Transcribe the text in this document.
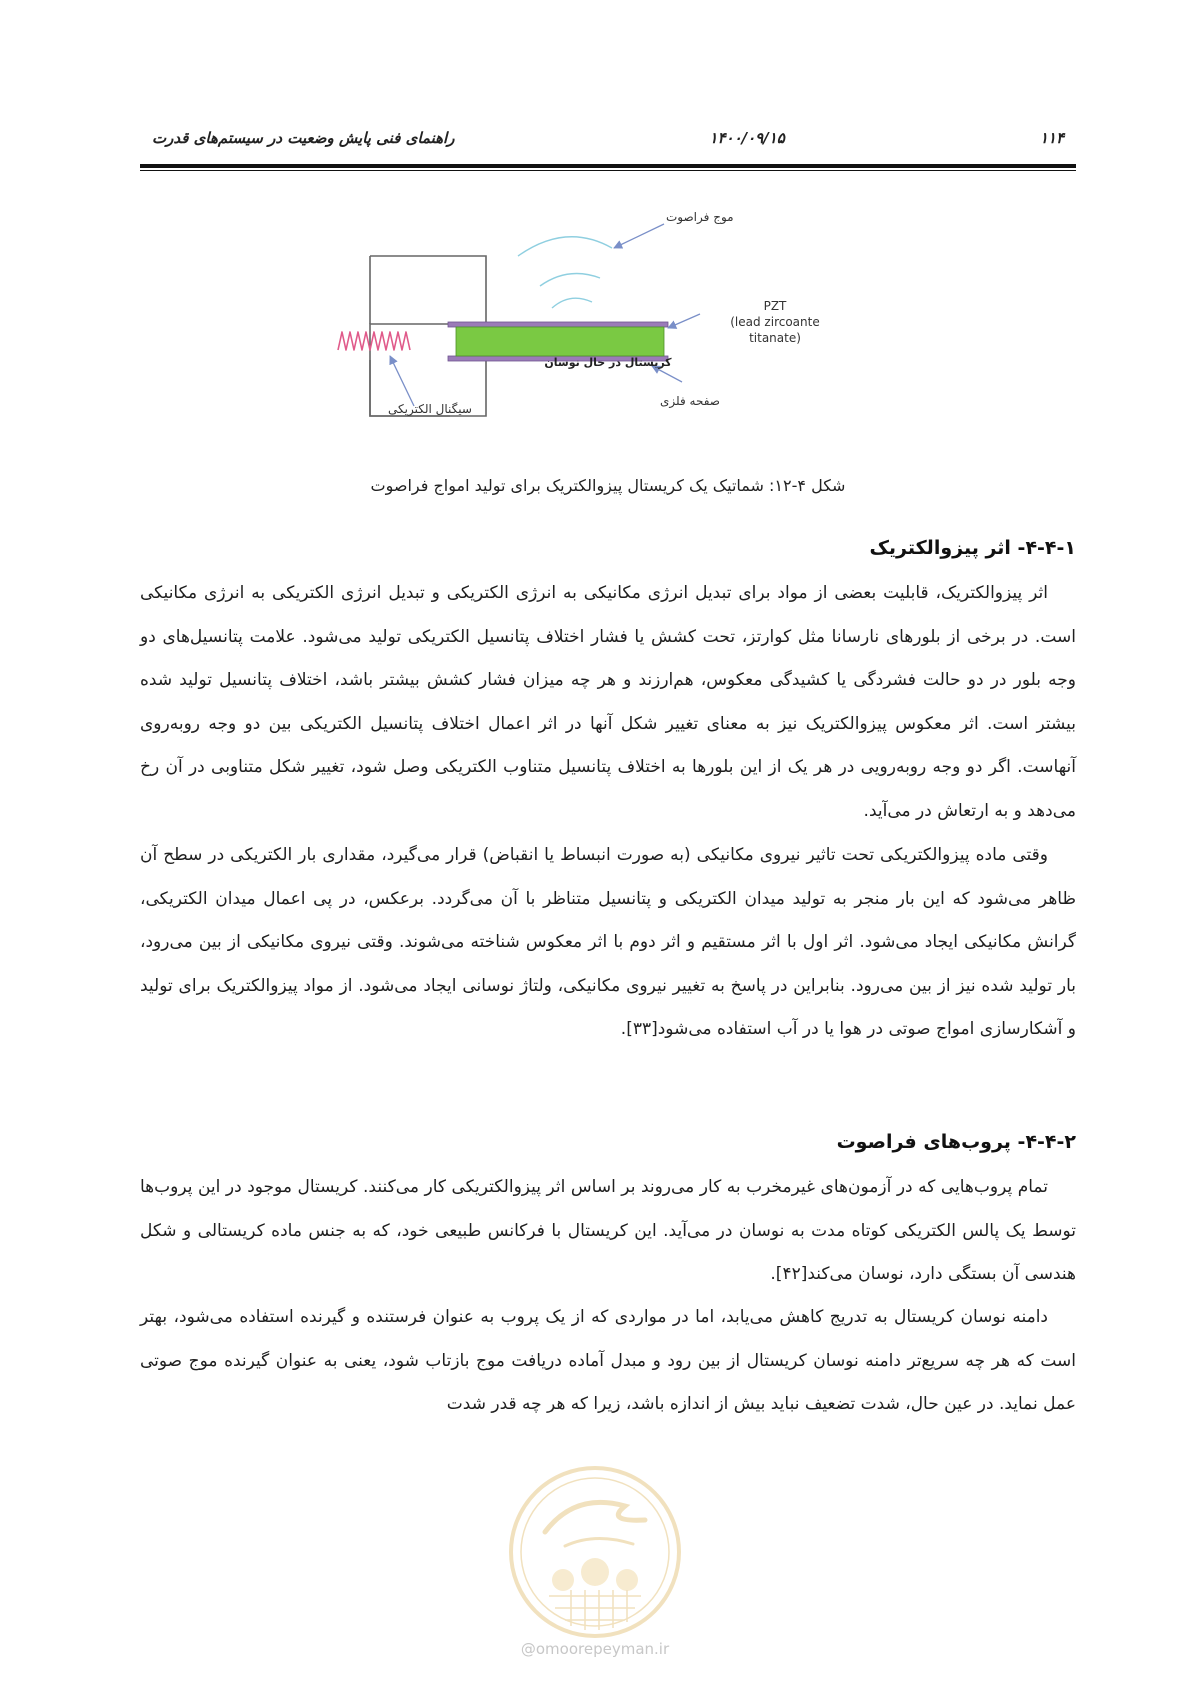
۱۱۴
۱۴۰۰/۰۹/۱۵
راهنمای فنی پایش وضعیت در سیستم‌های قدرت
موج فراصوت
PZT
(lead zircoante
titanate)
کریستال در حال نوسان
صفحه فلزی
سیگنال الکتریکی
شکل ۴-۱۲: شماتیک یک کریستال پیزوالکتریک برای تولید امواج فراصوت
۴-۴-۱- اثر پیزوالکتریک

اثر پیزوالکتریک، قابلیت بعضی از مواد برای تبدیل انرژی مکانیکی به انرژی الکتریکی و تبدیل انرژی الکتریکی به انرژی مکانیکی است. در برخی از بلورهای نارسانا مثل کوارتز، تحت کشش یا فشار اختلاف پتانسیل الکتریکی تولید می‌شود. علامت پتانسیل‌های دو وجه بلور در دو حالت فشردگی یا کشیدگی معکوس، هم‌ارزند و هر چه میزان فشار کشش بیشتر باشد، اختلاف پتانسیل تولید شده بیشتر است. اثر معکوس پیزوالکتریک نیز به معنای تغییر شکل آنها در اثر اعمال اختلاف پتانسیل الکتریکی بین دو وجه روبه‌روی آنهاست. اگر دو وجه روبه‌رویی در هر یک از این بلورها به اختلاف پتانسیل متناوب الکتریکی وصل شود، تغییر شکل متناوبی در آن رخ می‌دهد و به ارتعاش در می‌آید.

وقتی ماده پیزوالکتریکی تحت تاثیر نیروی مکانیکی (به صورت انبساط یا انقباض) قرار می‌گیرد، مقداری بار الکتریکی در سطح آن ظاهر می‌شود که این بار منجر به تولید میدان الکتریکی و پتانسیل متناظر با آن می‌گردد. برعکس، در پی اعمال میدان الکتریکی، گرانش مکانیکی ایجاد می‌شود. اثر اول با اثر مستقیم و اثر دوم با اثر معکوس شناخته می‌شوند. وقتی نیروی مکانیکی از بین می‌رود، بار تولید شده نیز از بین می‌رود. بنابراین در پاسخ به تغییر نیروی مکانیکی، ولتاژ نوسانی ایجاد می‌شود. از مواد پیزوالکتریک برای تولید و آشکارسازی امواج صوتی در هوا یا در آب استفاده می‌شود[۳۳].

۴-۴-۲- پروب‌های فراصوت

تمام پروب‌هایی که در آزمون‌های غیرمخرب به کار می‌روند بر اساس اثر پیزوالکتریکی کار می‌کنند. کریستال موجود در این پروب‌ها توسط یک پالس الکتریکی کوتاه مدت به نوسان در می‌آید. این کریستال با فرکانس طبیعی خود، که به جنس ماده کریستالی و شکل هندسی آن بستگی دارد، نوسان می‌کند[۴۲].

دامنه نوسان کریستال به تدریج کاهش می‌یابد، اما در مواردی که از یک پروب به عنوان فرستنده و گیرنده استفاده می‌شود، بهتر است که هر چه سریع‌تر دامنه نوسان کریستال از بین رود و مبدل آماده دریافت موج بازتاب شود، یعنی به عنوان گیرنده موج صوتی عمل نماید. در عین حال، شدت تضعیف نباید بیش از اندازه باشد، زیرا که هر چه قدر شدت

@omoorepeyman.ir
